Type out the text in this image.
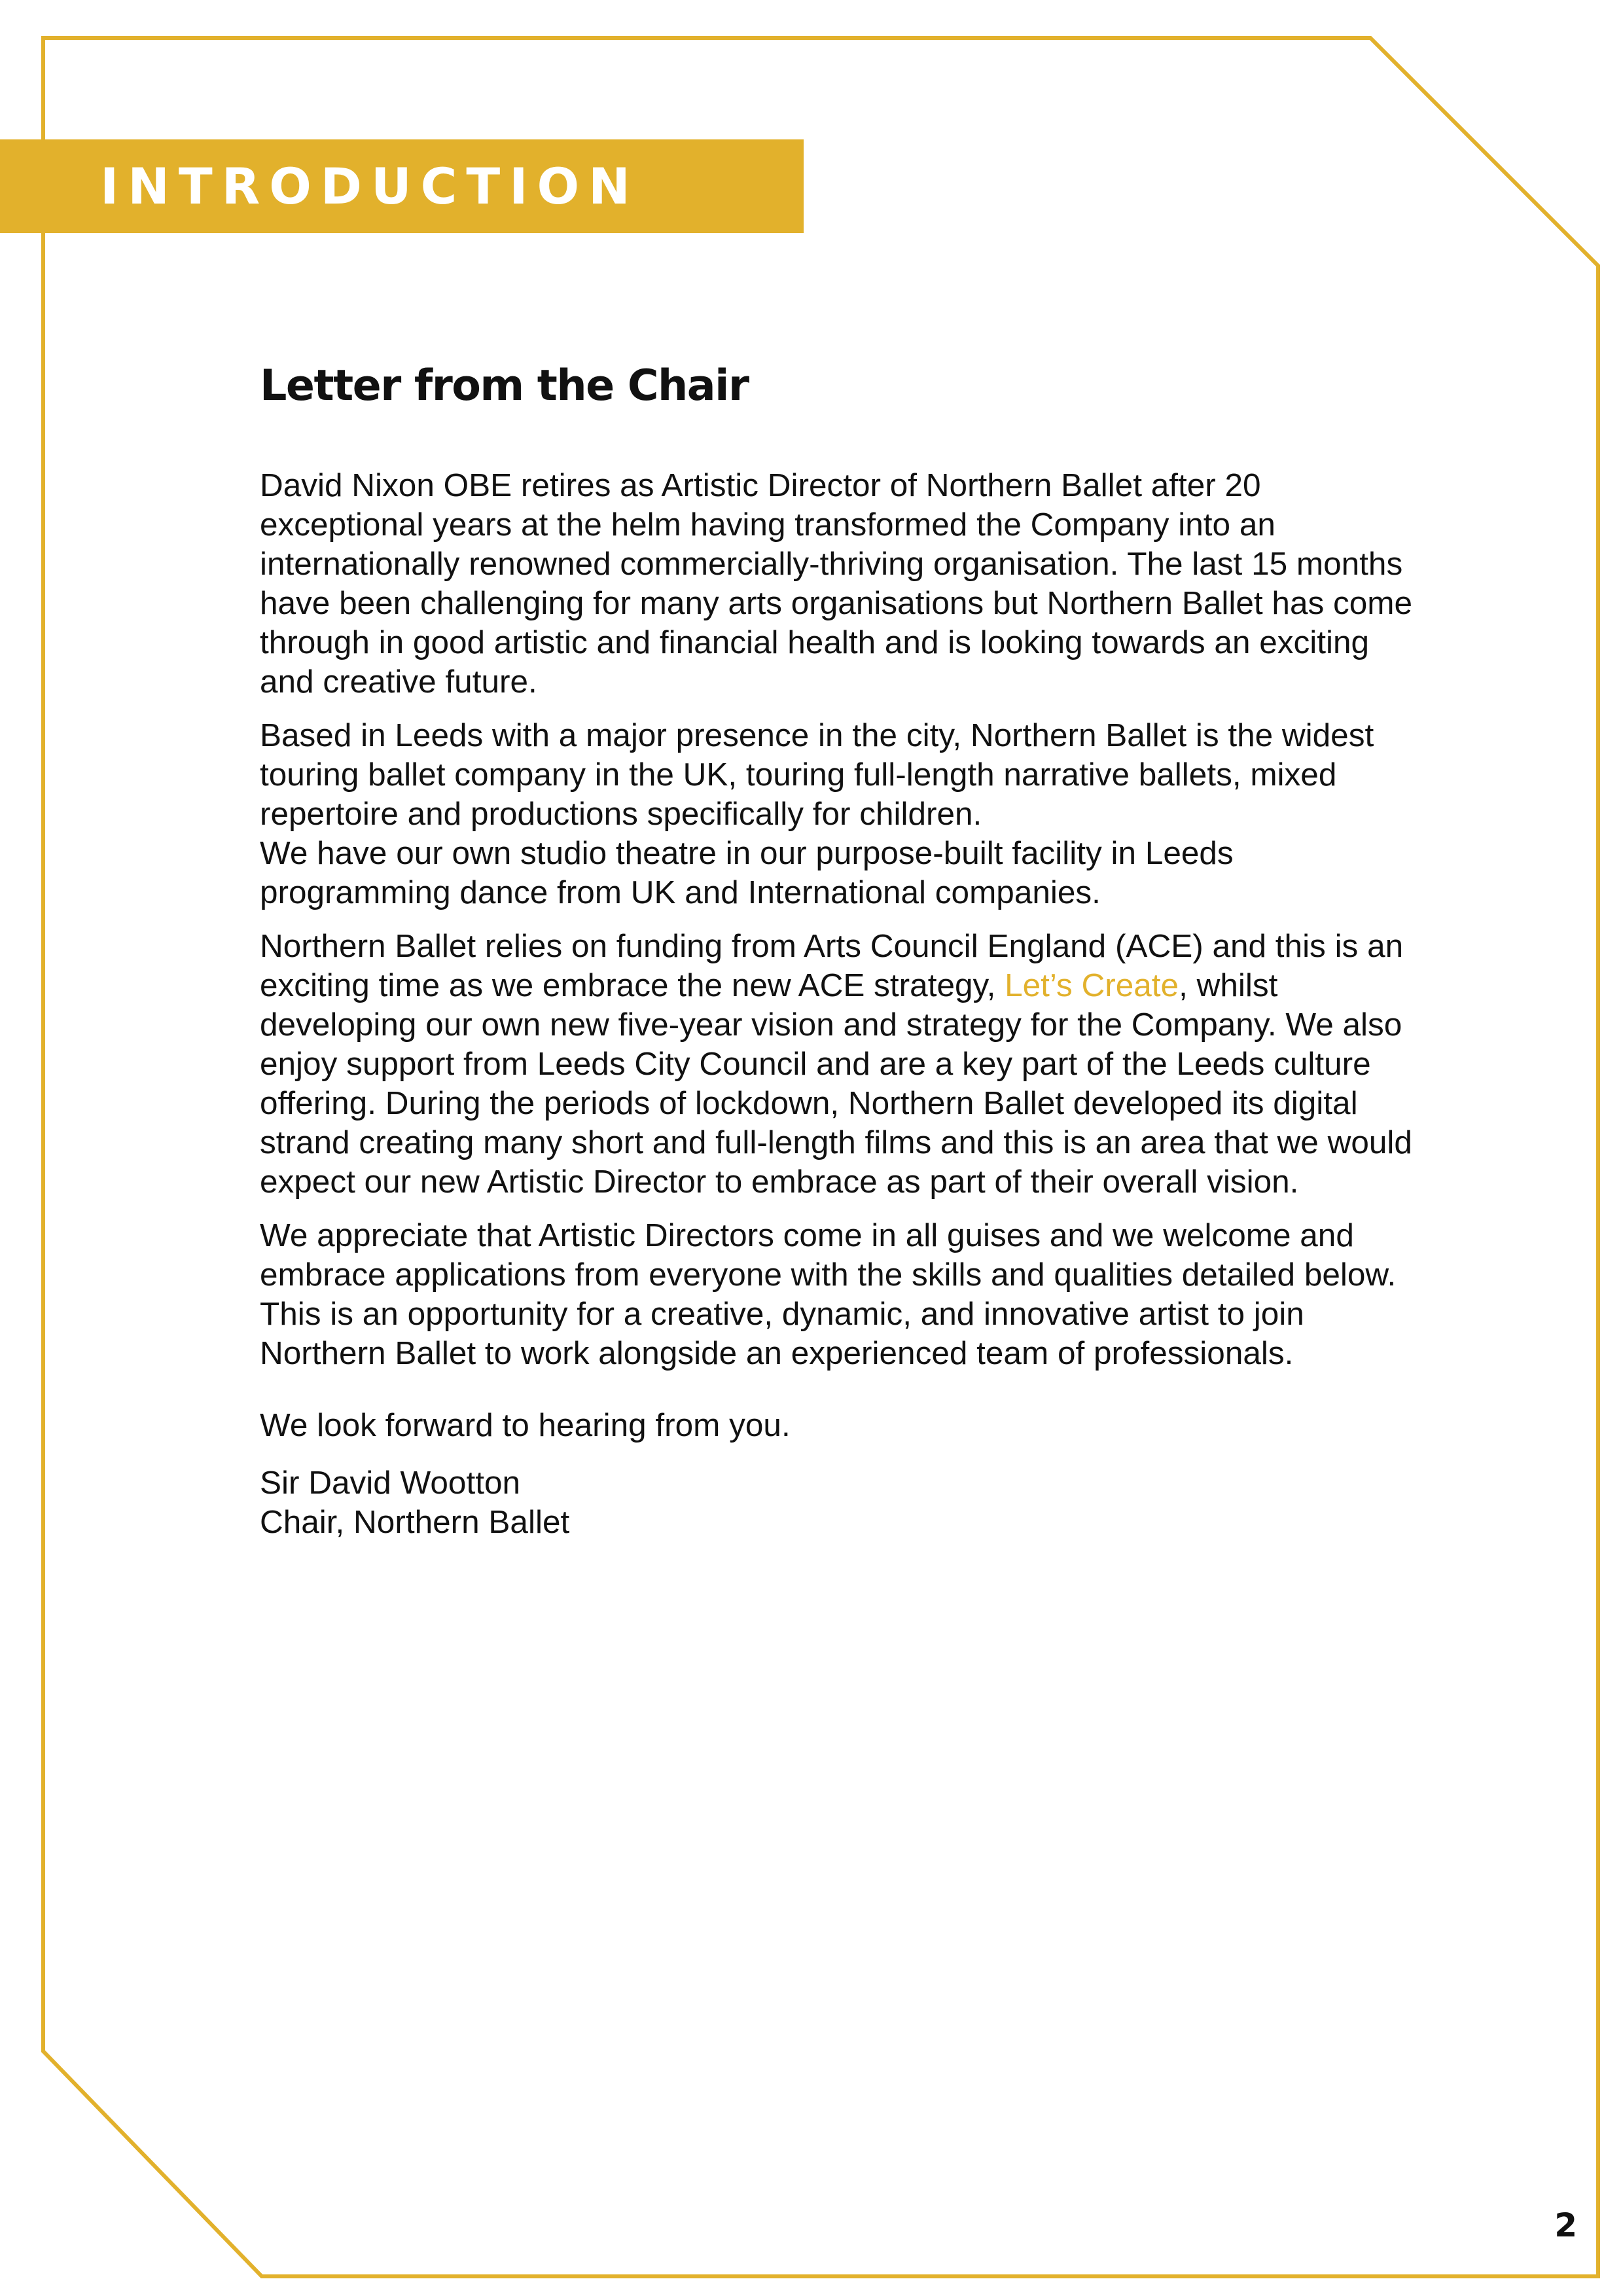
INTRODUCTION
Letter from the Chair

David Nixon OBE retires as Artistic Director of Northern Ballet after 20 exceptional years at the helm having transformed the Company into an internationally renowned commercially-thriving organisation. The last 15 months have been challenging for many arts organisations but Northern Ballet has come through in good artistic and financial health and is looking towards an exciting and creative future.

Based in Leeds with a major presence in the city, Northern Ballet is the widest touring ballet company in the UK, touring full-length narrative ballets, mixed repertoire and productions specifically for children.
We have our own studio theatre in our purpose-built facility in Leeds programming dance from UK and International companies.

Northern Ballet relies on funding from Arts Council England (ACE) and this is an exciting time as we embrace the new ACE strategy, Let’s Create, whilst developing our own new five-year vision and strategy for the Company. We also enjoy support from Leeds City Council and are a key part of the Leeds culture offering. During the periods of lockdown, Northern Ballet developed its digital strand creating many short and full-length films and this is an area that we would expect our new Artistic Director to embrace as part of their overall vision.

We appreciate that Artistic Directors come in all guises and we welcome and embrace applications from everyone with the skills and qualities detailed below. This is an opportunity for a creative, dynamic, and innovative artist to join Northern Ballet to work alongside an experienced team of professionals.

We look forward to hearing from you.

Sir David Wootton
Chair, Northern Ballet
2
